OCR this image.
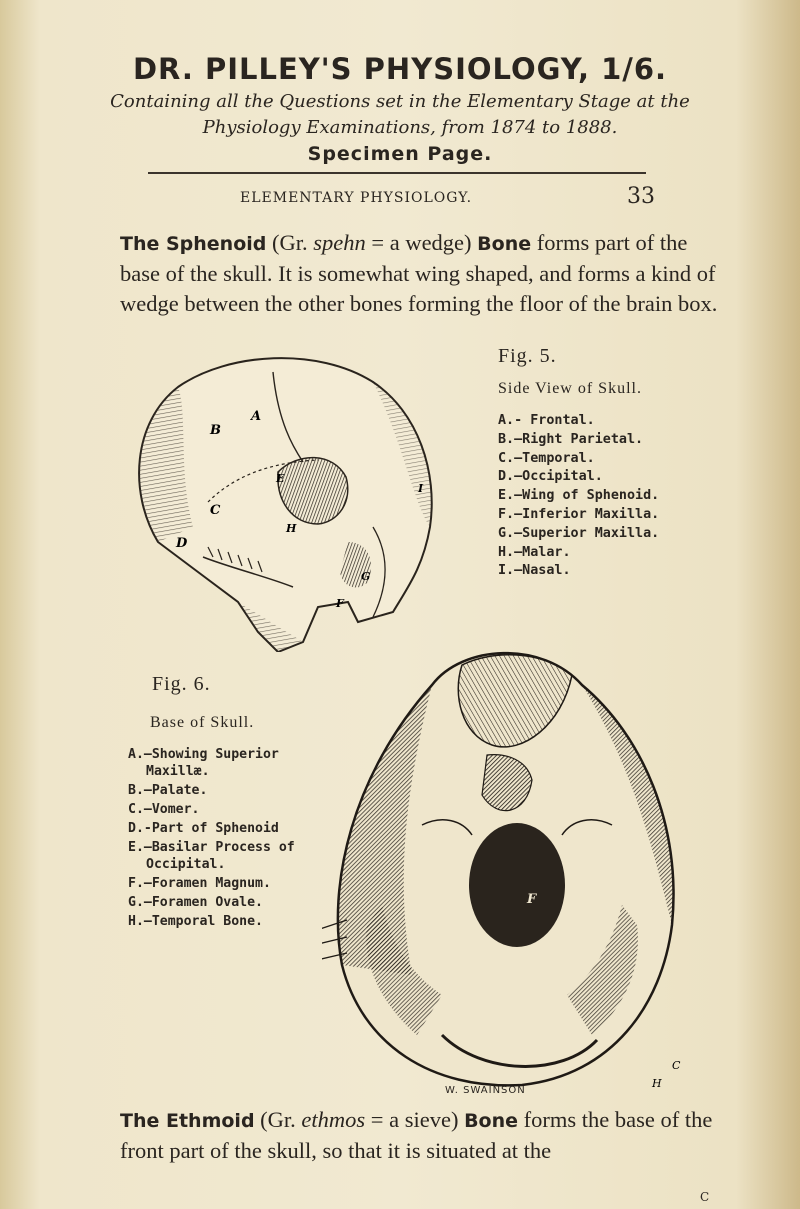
DR. PILLEY'S PHYSIOLOGY, 1/6.
Containing all the Questions set in the Elementary Stage at the
Physiology Examinations, from 1874 to 1888.
Specimen Page.
ELEMENTARY PHYSIOLOGY.	33
The Sphenoid (Gr. spehn = a wedge) Bone forms part of the base of the skull. It is somewhat wing shaped, and forms a kind of wedge between the other bones forming the floor of the brain box.
A
B
C
D
E
F
G
H
I
Fig. 5.
Side View of Skull.
A.- Frontal.
B.—Right Parietal.
C.—Temporal.
D.—Occipital.
E.—Wing of Sphenoid.
F.—Inferior Maxilla.
G.—Superior Maxilla.
H.—Malar.
I.—Nasal.
F
C
H
Fig. 6.
Base of Skull.
A.—Showing Superior Maxillæ.
B.—Palate.
C.—Vomer.
D.-Part of Sphenoid
E.—Basilar Process of Occipital.
F.—Foramen Magnum.
G.—Foramen Ovale.
H.—Temporal Bone.
W. SWAINSON
The Ethmoid (Gr. ethmos = a sieve) Bone forms the base of the front part of the skull, so that it is situated at the
C
